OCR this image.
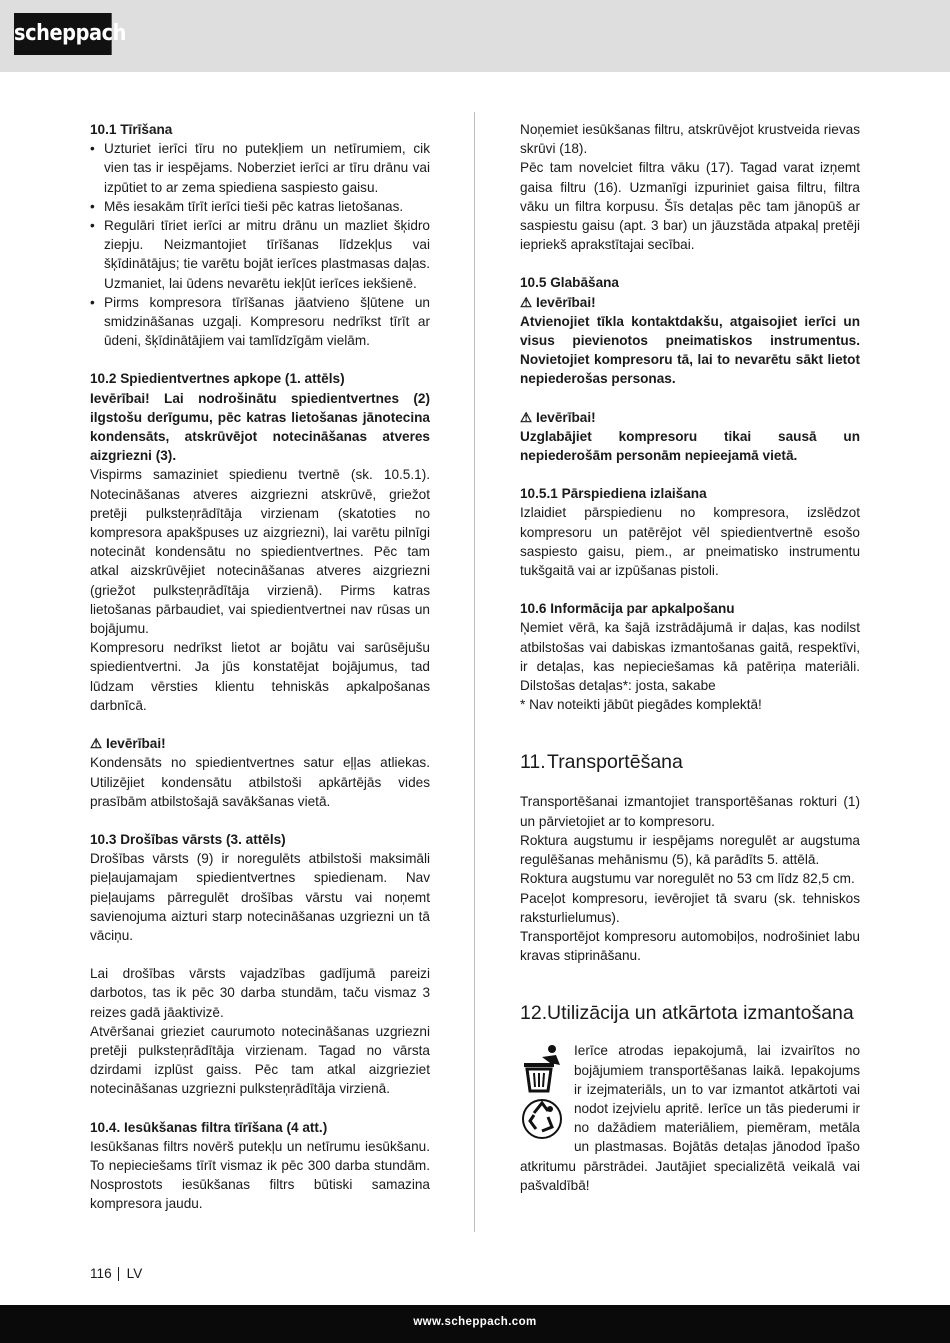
scheppach
10.1 Tīrīšana
• Uzturiet ierīci tīru no putekļiem un netīrumiem, cik vien tas ir iespējams. Noberziet ierīci ar tīru drānu vai izpūtiet to ar zema spiediena saspiesto gaisu.
• Mēs iesakām tīrīt ierīci tieši pēc katras lietošanas.
• Regulāri tīriet ierīci ar mitru drānu un mazliet šķidro ziepju. Neizmantojiet tīrīšanas līdzekļus vai šķīdinātājus; tie varētu bojāt ierīces plastmasas daļas. Uzmaniet, lai ūdens nevarētu iekļūt ierīces iekšienē.
• Pirms kompresora tīrīšanas jāatvieno šļūtene un smidzināšanas uzgaļi. Kompresoru nedrīkst tīrīt ar ūdeni, šķīdinātājiem vai tamlīdzīgām vielām.
10.2 Spiedientvertnes apkope (1. attēls)
Ievērībai! Lai nodrošinātu spiedientvertnes (2) ilgstošu derīgumu, pēc katras lietošanas jānotecina kondensāts, atskrūvējot notecināšanas atveres aizgriezni (3).

Vispirms samaziniet spiedienu tvertnē (sk. 10.5.1). Notecināšanas atveres aizgriezni atskrūvē, griežot pretēji pulksteņrādītāja virzienam (skatoties no kompresora apakšpuses uz aizgriezni), lai varētu pilnīgi notecināt kondensātu no spiedientvertnes. Pēc tam atkal aizskrūvējiet notecināšanas atveres aizgriezni (griežot pulksteņrādītāja virzienā). Pirms katras lietošanas pārbaudiet, vai spiedientvertnei nav rūsas un bojājumu.

Kompresoru nedrīkst lietot ar bojātu vai sarūsējušu spiedientvertni. Ja jūs konstatējat bojājumus, tad lūdzam vērsties klientu tehniskās apkalpošanas darbnīcā.

⚠ Ievērībai!

Kondensāts no spiedientvertnes satur eļļas atliekas. Utilizējiet kondensātu atbilstoši apkārtējās vides prasībām atbilstošajā savākšanas vietā.

10.3 Drošības vārsts (3. attēls)

Drošības vārsts (9) ir noregulēts atbilstoši maksimāli pieļaujamajam spiedientvertnes spiedienam. Nav pieļaujams pārregulēt drošības vārstu vai noņemt savienojuma aizturi starp notecināšanas uzgriezni un tā vāciņu.

Lai drošības vārsts vajadzības gadījumā pareizi darbotos, tas ik pēc 30 darba stundām, taču vismaz 3 reizes gadā jāaktivizē.

Atvēršanai grieziet caurumoto notecināšanas uzgriezni pretēji pulksteņrādītāja virzienam. Tagad no vārsta dzirdami izplūst gaiss. Pēc tam atkal aizgrieziet notecināšanas uzgriezni pulksteņrādītāja virzienā.

10.4. Iesūkšanas filtra tīrīšana (4 att.)

Iesūkšanas filtrs novērš putekļu un netīrumu iesūkšanu. To nepieciešams tīrīt vismaz ik pēc 300 darba stundām. Nosprostots iesūkšanas filtrs būtiski samazina kompresora jaudu.

Noņemiet iesūkšanas filtru, atskrūvējot krustveida rievas skrūvi (18).

Pēc tam novelciet filtra vāku (17). Tagad varat izņemt gaisa filtru (16). Uzmanīgi izpuriniet gaisa filtru, filtra vāku un filtra korpusu. Šīs detaļas pēc tam jānopūš ar saspiestu gaisu (apt. 3 bar) un jāuzstāda atpakaļ pretēji iepriekš aprakstītajai secībai.

10.5 Glabāšana
⚠ Ievērībai!
Atvienojiet tīkla kontaktdakšu, atgaisojiet ierīci un visus pievienotos pneimatiskos instrumentus. Novietojiet kompresoru tā, lai to nevarētu sākt lietot nepiederošas personas.
⚠ Ievērībai!
Uzglabājiet kompresoru tikai sausā un nepiederošām personām nepieejamā vietā.
10.5.1 Pārspiediena izlaišana

Izlaidiet pārspiedienu no kompresora, izslēdzot kompresoru un patērējot vēl spiedientvertnē esošo saspiesto gaisu, piem., ar pneimatisko instrumentu tukšgaitā vai ar izpūšanas pistoli.

10.6 Informācija par apkalpošanu

Ņemiet vērā, ka šajā izstrādājumā ir daļas, kas nodilst atbilstošas vai dabiskas izmantošanas gaitā, respektīvi, ir detaļas, kas nepieciešamas kā patēriņa materiāli. Dilstošas detaļas*: josta, sakabe

* Nav noteikti jābūt piegādes komplektā!

11. Transportēšana

Transportēšanai izmantojiet transportēšanas rokturi (1) un pārvietojiet ar to kompresoru.

Roktura augstumu ir iespējams noregulēt ar augstuma regulēšanas mehānismu (5), kā parādīts 5. attēlā.

Roktura augstumu var noregulēt no 53 cm līdz 82,5 cm.

Paceļot kompresoru, ievērojiet tā svaru (sk. tehniskos raksturlielumus).

Transportējot kompresoru automobiļos, nodrošiniet labu kravas stiprināšanu.

12. Utilizācija un atkārtota izmantošana

Ierīce atrodas iepakojumā, lai izvairītos no bojājumiem transportēšanas laikā. Iepakojums ir izejmateriāls, un to var izmantot atkārtoti vai nodot izejvielu apritē. Ierīce un tās piederumi ir no dažādiem materiāliem, piemēram, metāla un plastmasas. Bojātās detaļas jānodod īpašo atkritumu pārstrādei. Jautājiet specializētā veikalā vai pašvaldībā!

116 LV
www.scheppach.com
